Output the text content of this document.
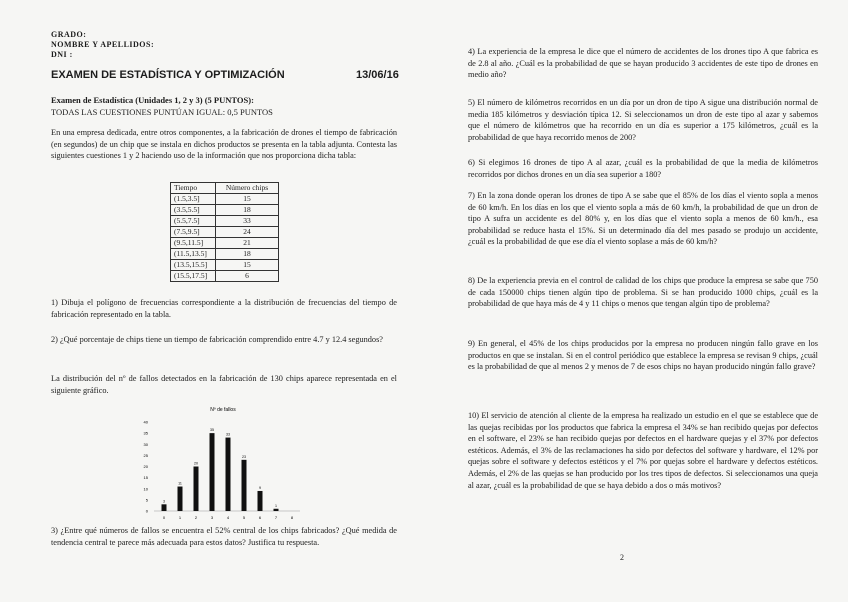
GRADO:
NOMBRE Y APELLIDOS:
DNI :
EXAMEN DE ESTADÍSTICA Y OPTIMIZACIÓN	13/06/16
Examen de Estadística (Unidades 1, 2 y 3) (5 PUNTOS):
TODAS LAS CUESTIONES PUNTÚAN IGUAL: 0,5 PUNTOS
En una empresa dedicada, entre otros componentes, a la fabricación de drones el tiempo de fabricación (en segundos) de un chip que se instala en dichos productos se presenta en la tabla adjunta. Contesta las siguientes cuestiones 1 y 2 haciendo uso de la información que nos proporciona dicha tabla:
Tiempo	Número chips
(1.5,3.5]	15
(3.5,5.5]	18
(5.5,7.5]	33
(7.5,9.5]	24
(9.5,11.5]	21
(11.5,13.5]	18
(13.5,15.5]	15
(15.5,17.5]	6
1) Dibuja el polígono de frecuencias correspondiente a la distribución de frecuencias del tiempo de fabricación representado en la tabla.
2) ¿Qué porcentaje de chips tiene un tiempo de fabricación comprendido entre 4.7 y 12.4 segundos?
La distribución del nº de fallos detectados en la fabricación de 130 chips aparece representada en el siguiente gráfico.
Nº de fallos
0
5
10
15
20
25
30
35
40
3
11
20
35
33
23
9
1
0	1	2	3	4	5	6	7	8
3) ¿Entre qué números de fallos se encuentra el 52% central de los chips fabricados? ¿Qué medida de tendencia central te parece más adecuada para estos datos? Justifica tu respuesta.
4) La experiencia de la empresa le dice que el número de accidentes de los drones tipo A que fabrica es de 2.8 al año. ¿Cuál es la probabilidad de que se hayan producido 3 accidentes de este tipo de drones en medio año?
5) El número de kilómetros recorridos en un día por un dron de tipo A sigue una distribución normal de media 185 kilómetros y desviación típica 12. Si seleccionamos un dron de este tipo al azar y sabemos que el número de kilómetros que ha recorrido en un día es superior a 175 kilómetros, ¿cuál es la probabilidad de que haya recorrido menos de 200?
6) Si elegimos 16 drones de tipo A al azar, ¿cuál es la probabilidad de que la media de kilómetros recorridos por dichos drones en un día sea superior a 180?
7) En la zona donde operan los drones de tipo A se sabe que el 85% de los días el viento sopla a menos de 60 km/h. En los días en los que el viento sopla a más de 60 km/h, la probabilidad de que un dron de tipo A sufra un accidente es del 80% y, en los días que el viento sopla a menos de 60 km/h., esa probabilidad se reduce hasta el 15%. Si un determinado día del mes pasado se produjo un accidente, ¿cuál es la probabilidad de que ese día el viento soplase a más de 60 km/h?
8) De la experiencia previa en el control de calidad de los chips que produce la empresa se sabe que 750 de cada 150000 chips tienen algún tipo de problema. Si se han producido 1000 chips, ¿cuál es la probabilidad de que haya más de 4 y 11 chips o menos que tengan algún tipo de problema?
9) En general, el 45% de los chips producidos por la empresa no producen ningún fallo grave en los productos en que se instalan. Si en el control periódico que establece la empresa se revisan 9 chips, ¿cuál es la probabilidad de que al menos 2 y menos de 7 de esos chips no hayan producido ningún fallo grave?
10) El servicio de atención al cliente de la empresa ha realizado un estudio en el que se establece que de las quejas recibidas por los productos que fabrica la empresa el 34% se han recibido quejas por defectos en el software, el 23% se han recibido quejas por defectos en el hardware quejas y el 37% por defectos estéticos. Además, el 3% de las reclamaciones ha sido por defectos del software y hardware, el 12% por quejas sobre el software y defectos estéticos y el 7% por quejas sobre el hardware y defectos estéticos. Además, el 2% de las quejas se han producido por los tres tipos de defectos. Si seleccionamos una queja al azar, ¿cuál es la probabilidad de que se haya debido a dos o más motivos?
2
